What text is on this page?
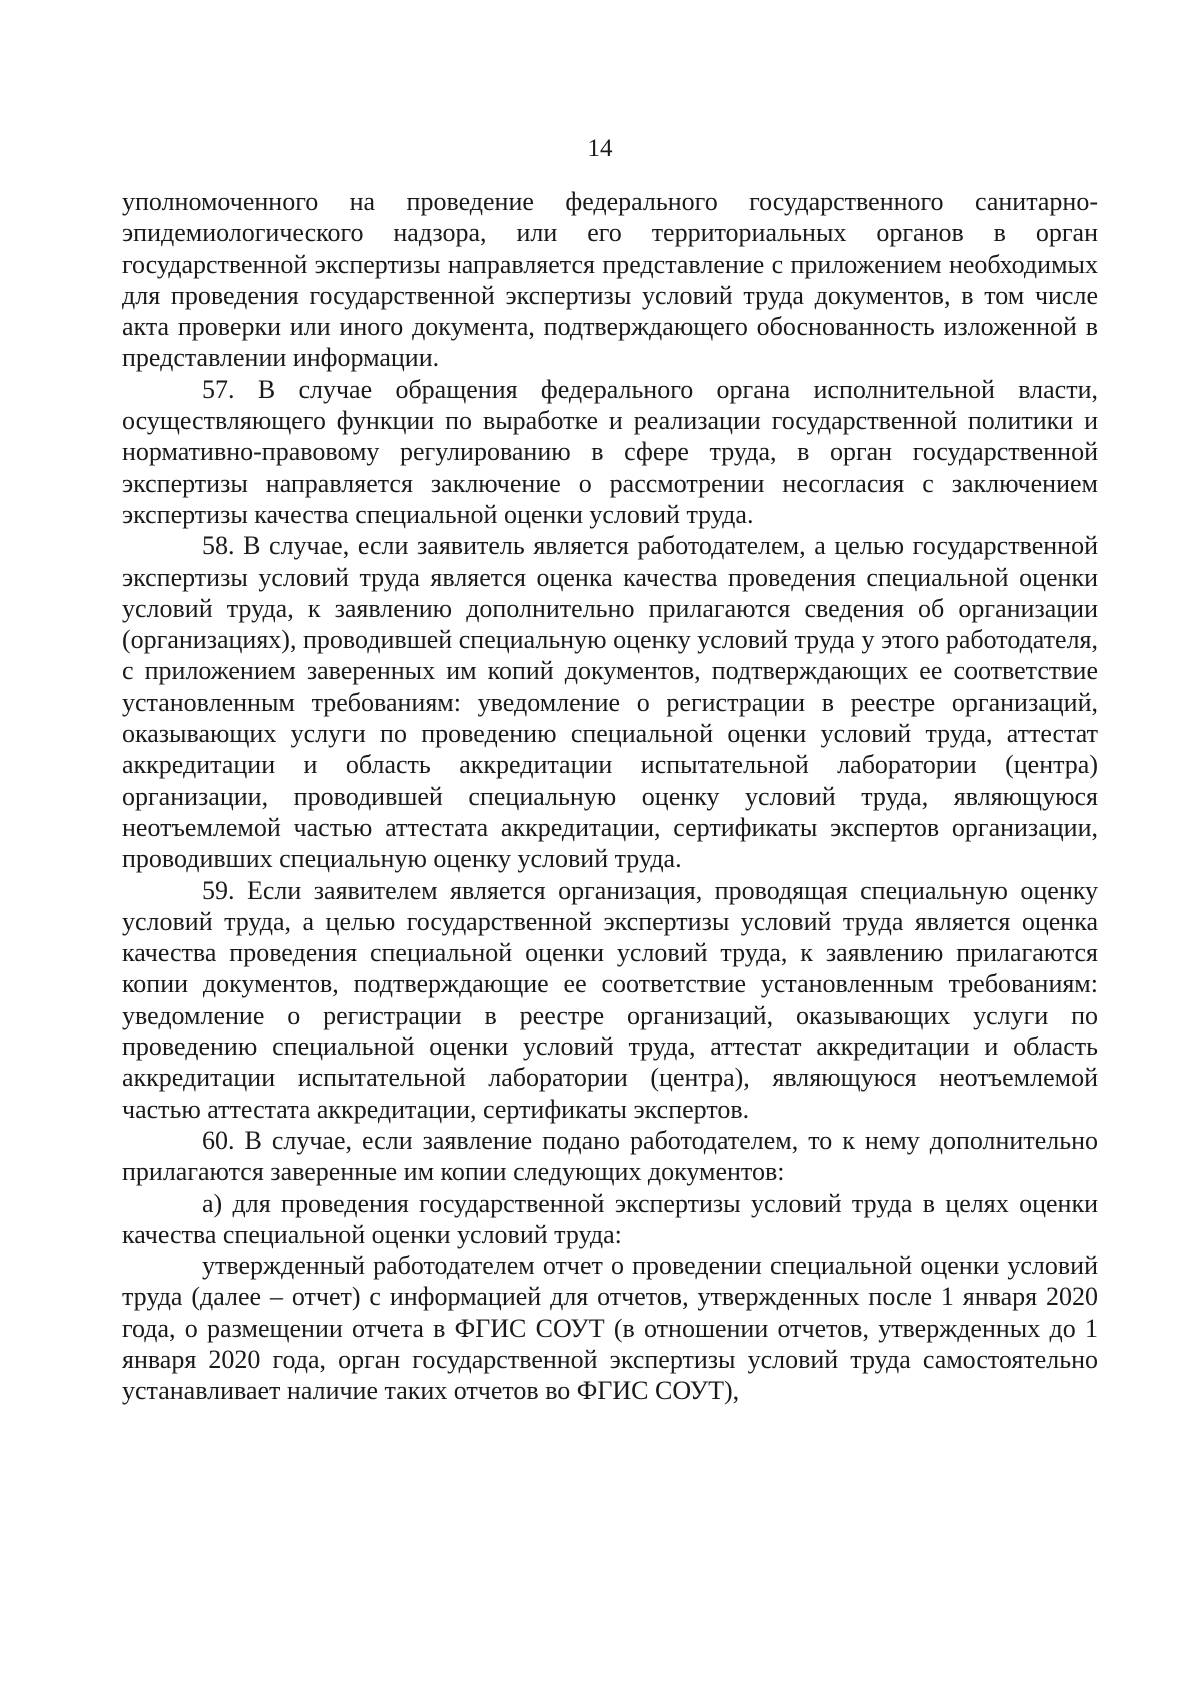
14

уполномоченного на проведение федерального государственного санитарно-эпидемиологического надзора, или его территориальных органов в орган государственной экспертизы направляется представление с приложением необходимых для проведения государственной экспертизы условий труда документов, в том числе акта проверки или иного документа, подтверждающего обоснованность изложенной в представлении информации.

57. В случае обращения федерального органа исполнительной власти, осуществляющего функции по выработке и реализации государственной политики и нормативно-правовому регулированию в сфере труда, в орган государственной экспертизы направляется заключение о рассмотрении несогласия с заключением экспертизы качества специальной оценки условий труда.

58. В случае, если заявитель является работодателем, а целью государственной экспертизы условий труда является оценка качества проведения специальной оценки условий труда, к заявлению дополнительно прилагаются сведения об организации (организациях), проводившей специальную оценку условий труда у этого работодателя, с приложением заверенных им копий документов, подтверждающих ее соответствие установленным требованиям: уведомление о регистрации в реестре организаций, оказывающих услуги по проведению специальной оценки условий труда, аттестат аккредитации и область аккредитации испытательной лаборатории (центра) организации, проводившей специальную оценку условий труда, являющуюся неотъемлемой частью аттестата аккредитации, сертификаты экспертов организации, проводивших специальную оценку условий труда.

59. Если заявителем является организация, проводящая специальную оценку условий труда, а целью государственной экспертизы условий труда является оценка качества проведения специальной оценки условий труда, к заявлению прилагаются копии документов, подтверждающие ее соответствие установленным требованиям: уведомление о регистрации в реестре организаций, оказывающих услуги по проведению специальной оценки условий труда, аттестат аккредитации и область аккредитации испытательной лаборатории (центра), являющуюся неотъемлемой частью аттестата аккредитации, сертификаты экспертов.

60. В случае, если заявление подано работодателем, то к нему дополнительно прилагаются заверенные им копии следующих документов:

а) для проведения государственной экспертизы условий труда в целях оценки качества специальной оценки условий труда:

утвержденный работодателем отчет о проведении специальной оценки условий труда (далее – отчет) с информацией для отчетов, утвержденных после 1 января 2020 года, о размещении отчета в ФГИС СОУТ (в отношении отчетов, утвержденных до 1 января 2020 года, орган государственной экспертизы условий труда самостоятельно устанавливает наличие таких отчетов во ФГИС СОУТ),
